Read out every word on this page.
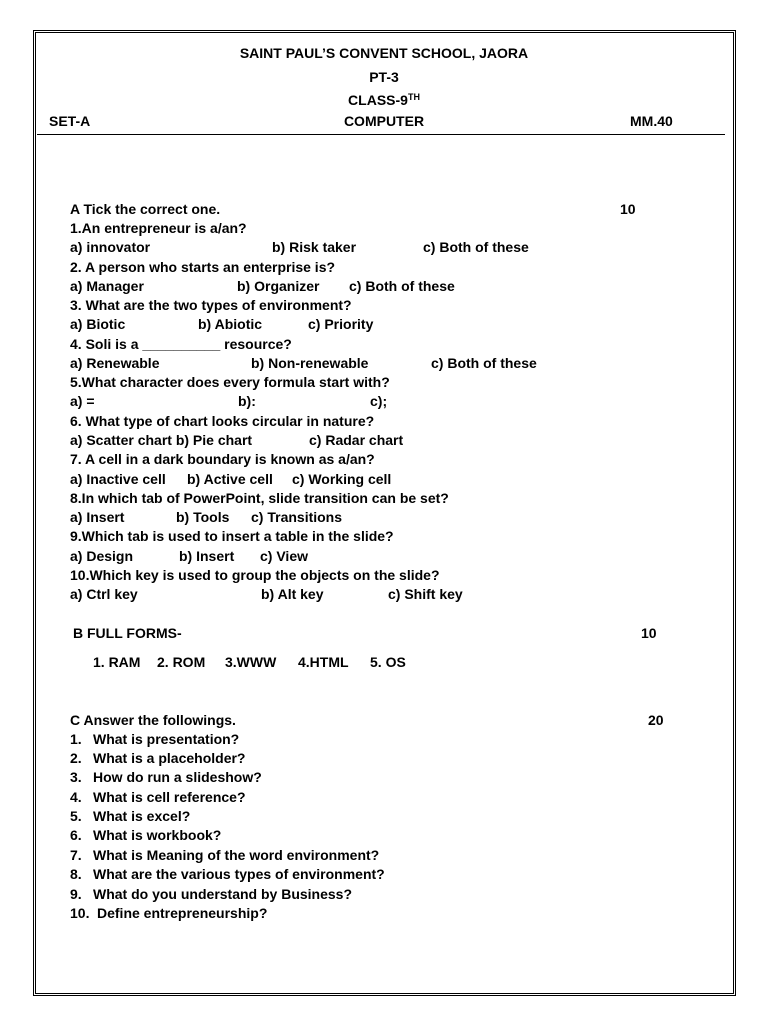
SAINT PAUL’S CONVENT SCHOOL, JAORA
PT-3
CLASS-9TH
SET-A	COMPUTER	MM.40
A Tick the correct one.	10
1.An entrepreneur is a/an?
a) innovator	b) Risk taker	c) Both of these
2. A person who starts an enterprise is?
a) Manager	b) Organizer c) Both of these
3. What are the two types of environment?
a) Biotic	b) Abiotic	c) Priority
4. Soli is a __________ resource?
a) Renewable	b) Non-renewable	c) Both of these
5.What character does every formula start with?
a) =	b):	c);
6. What type of chart looks circular in nature?
a) Scatter chart b) Pie chart	c) Radar chart
7. A cell in a dark boundary is known as a/an?
a) Inactive cell b) Active cell c) Working cell
8.In which tab of PowerPoint, slide transition can be set?
a) Insert	b) Tools c) Transitions
9.Which tab is used to insert a table in the slide?
a) Design	b) Insert c) View
10.Which key is used to group the objects on the slide?
a) Ctrl key	b) Alt key	c) Shift key
B FULL FORMS-	10
1. RAM 2. ROM 3.WWW 4.HTML 5. OS
C Answer the followings.	20
1. What is presentation?
2. What is a placeholder?
3. How do run a slideshow?
4. What is cell reference?
5. What is excel?
6. What is workbook?
7. What is Meaning of the word environment?
8. What are the various types of environment?
9. What do you understand by Business?
10. Define entrepreneurship?
